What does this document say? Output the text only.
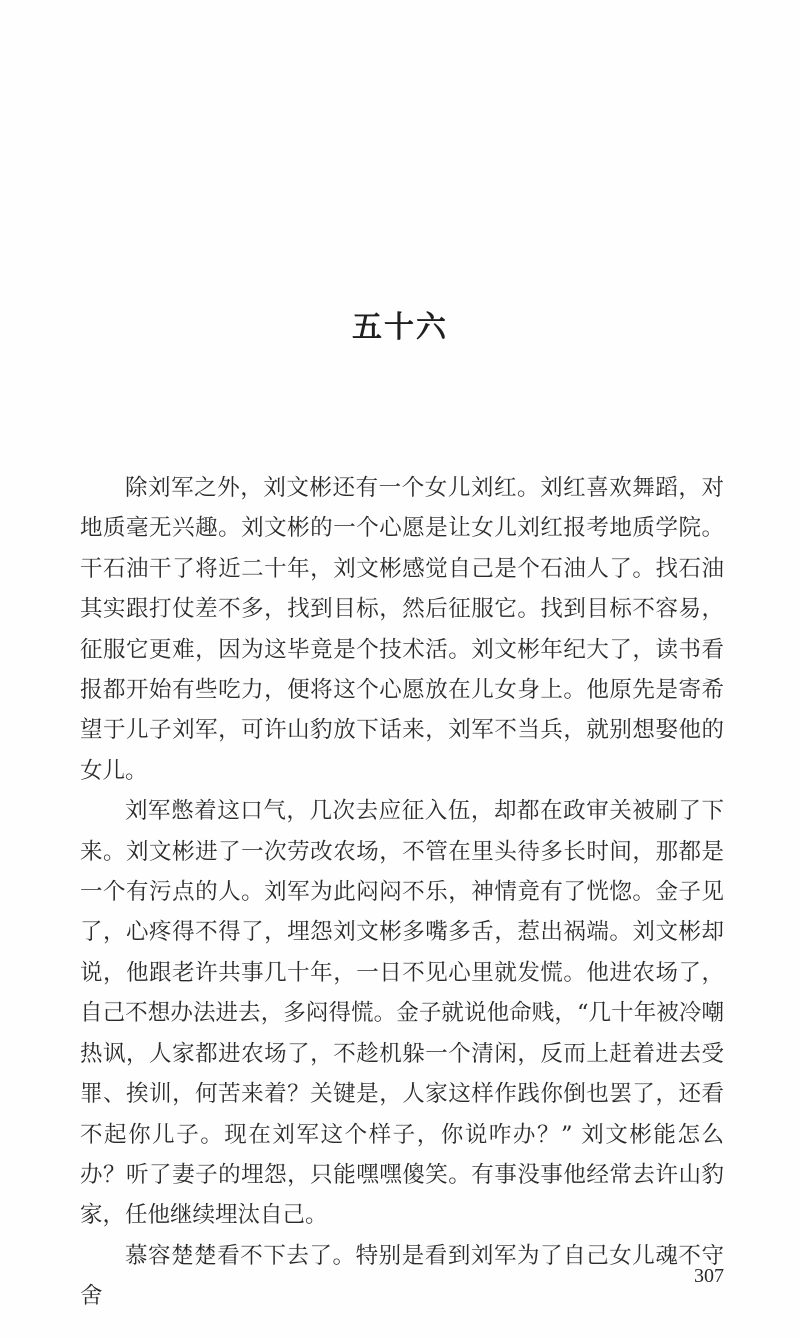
五十六

除刘军之外，刘文彬还有一个女儿刘红。刘红喜欢舞蹈，对地质毫无兴趣。刘文彬的一个心愿是让女儿刘红报考地质学院。干石油干了将近二十年，刘文彬感觉自己是个石油人了。找石油其实跟打仗差不多，找到目标，然后征服它。找到目标不容易，征服它更难，因为这毕竟是个技术活。刘文彬年纪大了，读书看报都开始有些吃力，便将这个心愿放在儿女身上。他原先是寄希望于儿子刘军，可许山豹放下话来，刘军不当兵，就别想娶他的女儿。

刘军憋着这口气，几次去应征入伍，却都在政审关被刷了下来。刘文彬进了一次劳改农场，不管在里头待多长时间，那都是一个有污点的人。刘军为此闷闷不乐，神情竟有了恍惚。金子见了，心疼得不得了，埋怨刘文彬多嘴多舌，惹出祸端。刘文彬却说，他跟老许共事几十年，一日不见心里就发慌。他进农场了，自己不想办法进去，多闷得慌。金子就说他命贱，“几十年被冷嘲热讽，人家都进农场了，不趁机躲一个清闲，反而上赶着进去受罪、挨训，何苦来着？关键是，人家这样作践你倒也罢了，还看不起你儿子。现在刘军这个样子，你说咋办？” 刘文彬能怎么办？听了妻子的埋怨，只能嘿嘿傻笑。有事没事他经常去许山豹家，任他继续埋汰自己。

慕容楚楚看不下去了。特别是看到刘军为了自己女儿魂不守舍

307
